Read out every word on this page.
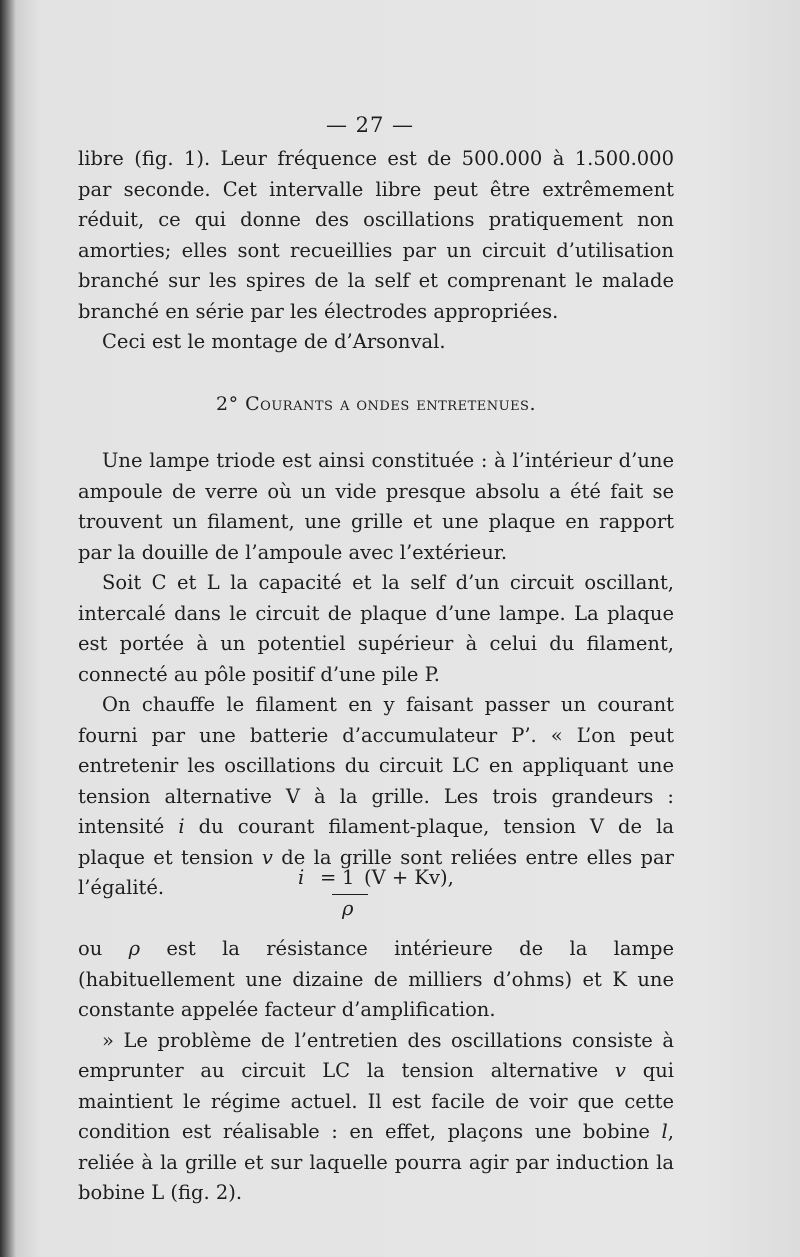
— 27 —

libre (fig. 1). Leur fréquence est de 500.000 à 1.500.000 par seconde. Cet intervalle libre peut être extrêmement réduit, ce qui donne des oscillations pratiquement non amorties; elles sont recueillies par un circuit d’utilisation branché sur les spires de la self et comprenant le malade branché en série par les électrodes appropriées.

Ceci est le montage de d’Arsonval.

2° Courants a ondes entretenues.

Une lampe triode est ainsi constituée : à l’intérieur d’une ampoule de verre où un vide presque absolu a été fait se trouvent un filament, une grille et une plaque en rapport par la douille de l’ampoule avec l’extérieur.

Soit C et L la capacité et la self d’un circuit oscillant, intercalé dans le circuit de plaque d’une lampe. La plaque est portée à un potentiel supérieur à celui du filament, connecté au pôle positif d’une pile P.

On chauffe le filament en y faisant passer un courant fourni par une batterie d’accumulateur P’. « L’on peut entretenir les oscillations du circuit LC en appliquant une tension alternative V à la grille. Les trois grandeurs : intensité i du courant filament-plaque, tension V de la plaque et tension v de la grille sont reliées entre elles par l’égalité.	i = 1 (V + Kv),
ρ

ou ρ est la résistance intérieure de la lampe (habituellement une dizaine de milliers d’ohms) et K une constante appelée facteur d’amplification.

» Le problème de l’entretien des oscillations consiste à emprunter au circuit LC la tension alternative v qui maintient le régime actuel. Il est facile de voir que cette condition est réalisable : en effet, plaçons une bobine l, reliée à la grille et sur laquelle pourra agir par induction la bobine L (fig. 2).
